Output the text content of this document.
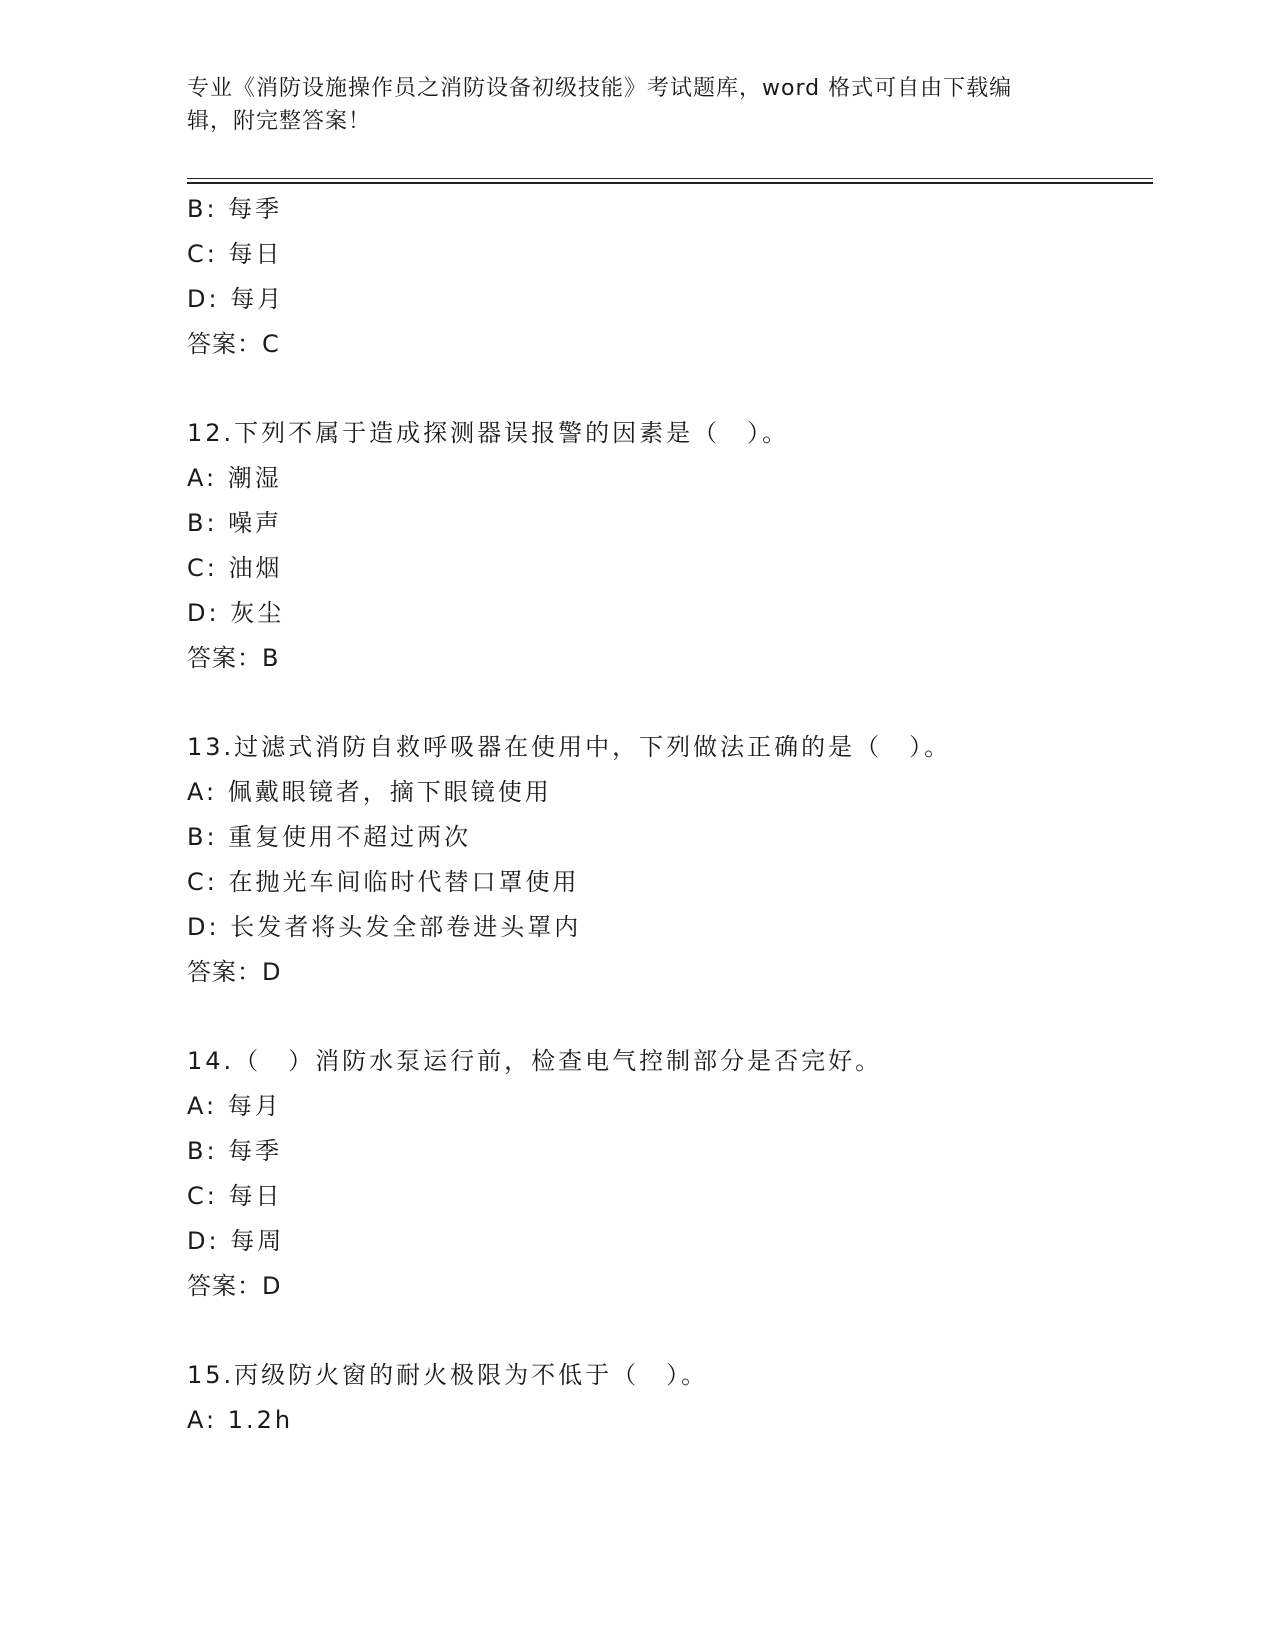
专业《消防设施操作员之消防设备初级技能》考试题库，word 格式可自由下载编
辑，附完整答案！
B: 每季
C: 每日
D: 每月
答案：C
12.下列不属于造成探测器误报警的因素是（　）。
A: 潮湿
B: 噪声
C: 油烟
D: 灰尘
答案：B
13.过滤式消防自救呼吸器在使用中，下列做法正确的是（　）。
A: 佩戴眼镜者，摘下眼镜使用
B: 重复使用不超过两次
C: 在抛光车间临时代替口罩使用
D: 长发者将头发全部卷进头罩内
答案：D
14.（　）消防水泵运行前，检查电气控制部分是否完好。
A: 每月
B: 每季
C: 每日
D: 每周
答案：D
15.丙级防火窗的耐火极限为不低于（　）。
A: 1.2h
